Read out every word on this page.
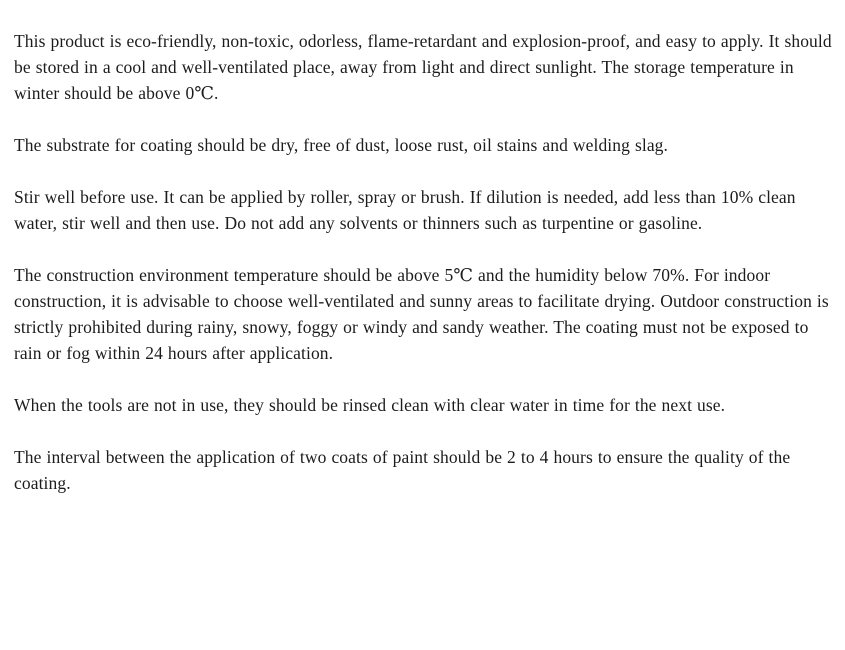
This product is eco-friendly, non-toxic, odorless, flame-retardant and explosion-proof, and easy to apply. It should be stored in a cool and well-ventilated place, away from light and direct sunlight. The storage temperature in winter should be above 0℃.

The substrate for coating should be dry, free of dust, loose rust, oil stains and welding slag.

Stir well before use. It can be applied by roller, spray or brush. If dilution is needed, add less than 10% clean water, stir well and then use. Do not add any solvents or thinners such as turpentine or gasoline.

The construction environment temperature should be above 5℃ and the humidity below 70%. For indoor construction, it is advisable to choose well-ventilated and sunny areas to facilitate drying. Outdoor construction is strictly prohibited during rainy, snowy, foggy or windy and sandy weather. The coating must not be exposed to rain or fog within 24 hours after application.

When the tools are not in use, they should be rinsed clean with clear water in time for the next use.

The interval between the application of two coats of paint should be 2 to 4 hours to ensure the quality of the coating.
